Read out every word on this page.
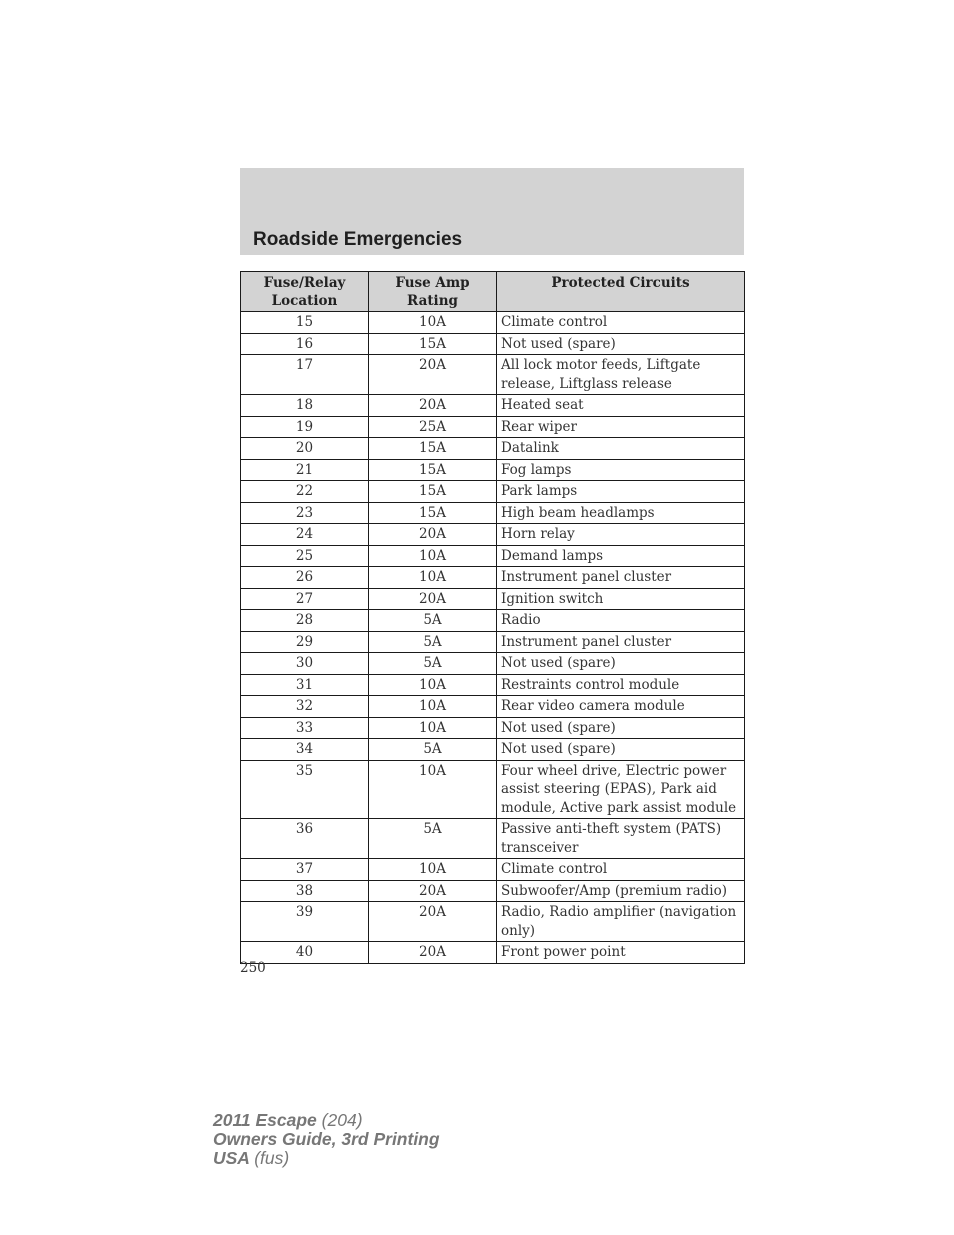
Roadside Emergencies
Fuse/Relay Location	Fuse Amp Rating	Protected Circuits
15	10A	Climate control
16	15A	Not used (spare)
17	20A	All lock motor feeds, Liftgate release, Liftglass release
18	20A	Heated seat
19	25A	Rear wiper
20	15A	Datalink
21	15A	Fog lamps
22	15A	Park lamps
23	15A	High beam headlamps
24	20A	Horn relay
25	10A	Demand lamps
26	10A	Instrument panel cluster
27	20A	Ignition switch
28	5A	Radio
29	5A	Instrument panel cluster
30	5A	Not used (spare)
31	10A	Restraints control module
32	10A	Rear video camera module
33	10A	Not used (spare)
34	5A	Not used (spare)
35	10A	Four wheel drive, Electric power assist steering (EPAS), Park aid module, Active park assist module
36	5A	Passive anti-theft system (PATS) transceiver
37	10A	Climate control
38	20A	Subwoofer/Amp (premium radio)
39	20A	Radio, Radio amplifier (navigation only)
40	20A	Front power point
250
2011 Escape (204)
Owners Guide, 3rd Printing
USA (fus)
